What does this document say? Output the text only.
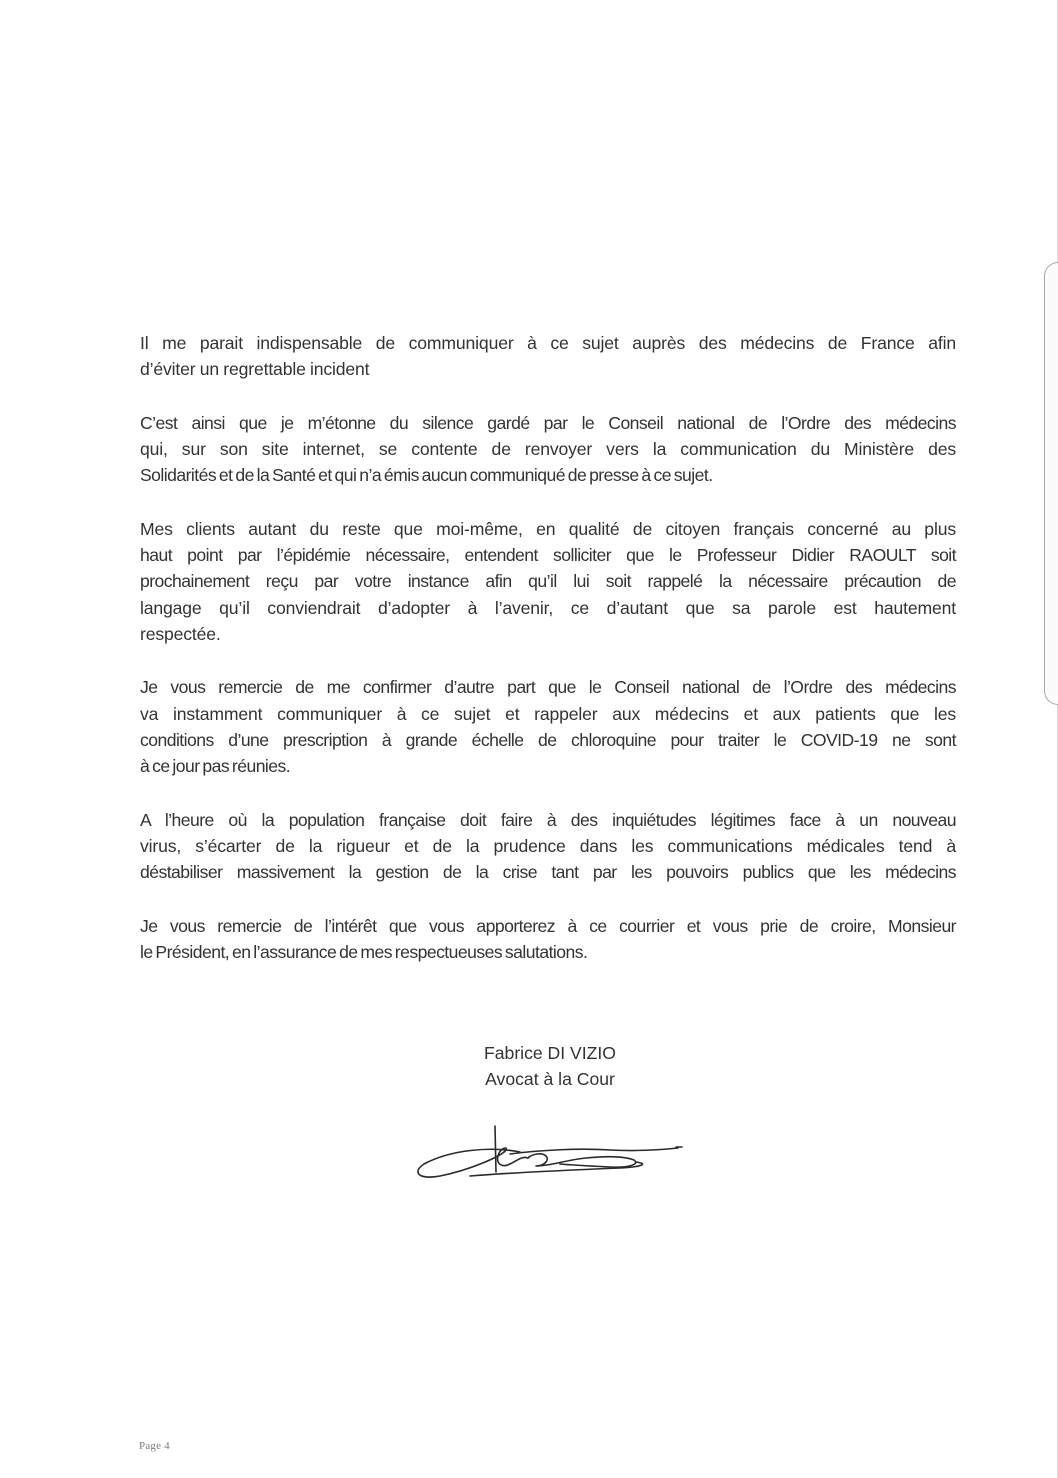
Il me parait indispensable de communiquer à ce sujet auprès des médecins de France afin
d’éviter un regrettable incident

C’est ainsi que je m’étonne du silence gardé par le Conseil national de l’Ordre des médecins
qui, sur son site internet, se contente de renvoyer vers la communication du Ministère des
Solidarités et de la Santé et qui n’a émis aucun communiqué de presse à ce sujet.

Mes clients autant du reste que moi-même, en qualité de citoyen français concerné au plus
haut point par l’épidémie nécessaire, entendent solliciter que le Professeur Didier RAOULT soit
prochainement reçu par votre instance afin qu’il lui soit rappelé la nécessaire précaution de
langage qu’il conviendrait d’adopter à l’avenir, ce d’autant que sa parole est hautement
respectée.

Je vous remercie de me confirmer d’autre part que le Conseil national de l’Ordre des médecins
va instamment communiquer à ce sujet et rappeler aux médecins et aux patients que les
conditions d’une prescription à grande échelle de chloroquine pour traiter le COVID-19 ne sont
à ce jour pas réunies.

A l’heure où la population française doit faire à des inquiétudes légitimes face à un nouveau
virus, s’écarter de la rigueur et de la prudence dans les communications médicales tend à
déstabiliser massivement la gestion de la crise tant par les pouvoirs publics que les médecins

Je vous remercie de l’intérêt que vous apporterez à ce courrier et vous prie de croire, Monsieur
le Président, en l’assurance de mes respectueuses salutations.

Fabrice DI VIZIO
Avocat à la Cour
Page 4
